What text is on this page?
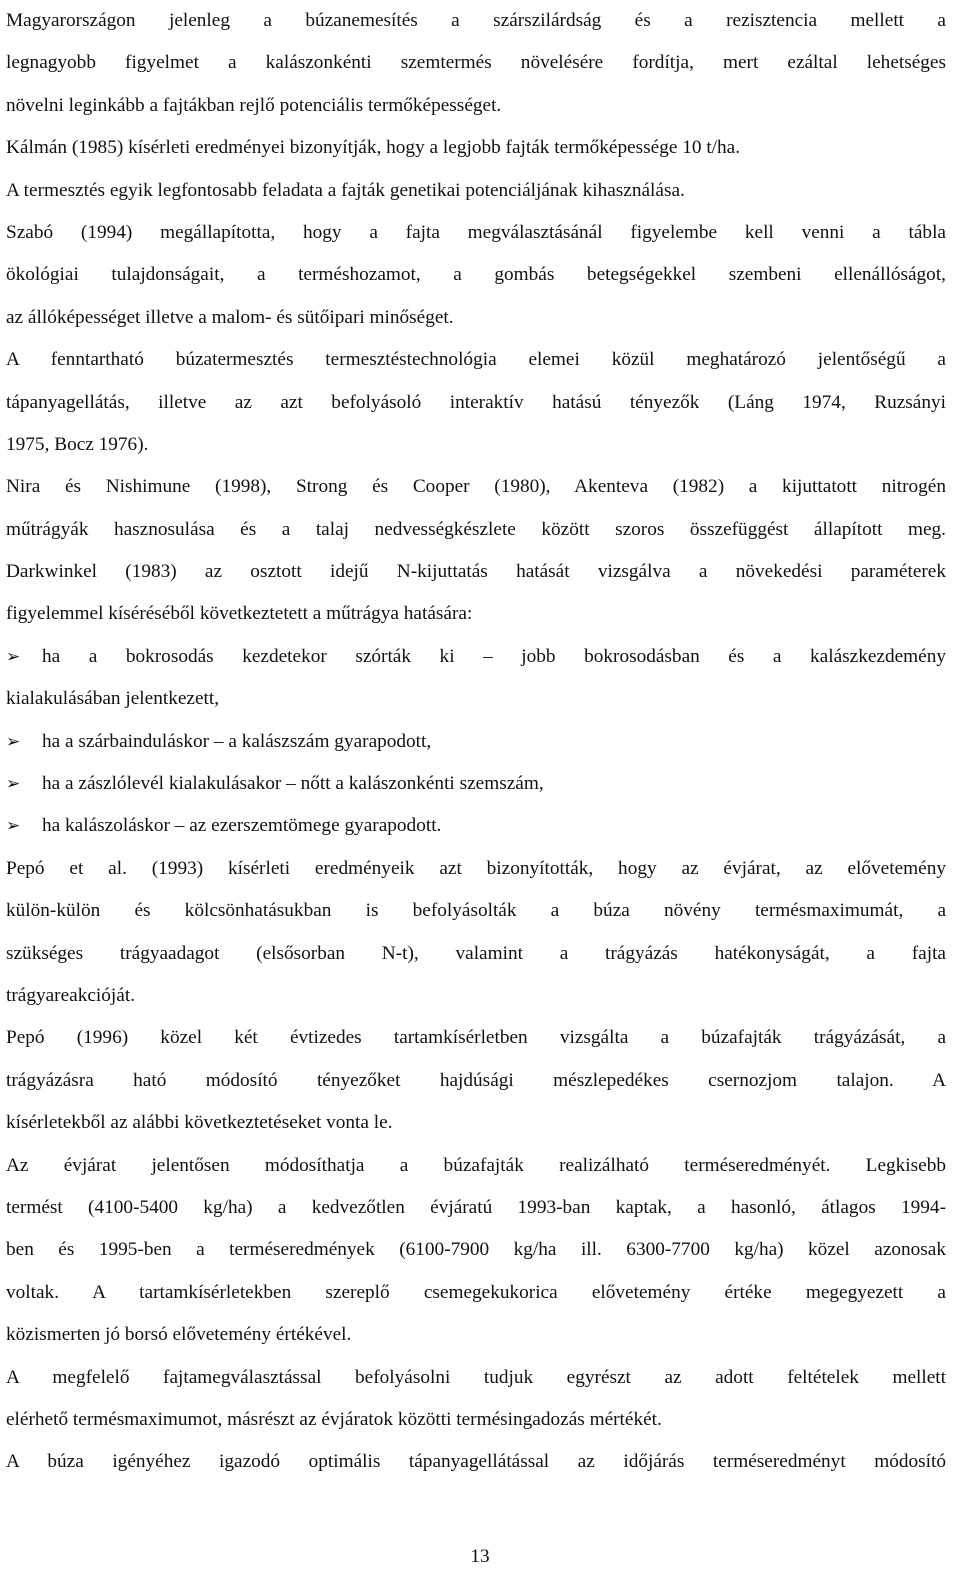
Magyarországon jelenleg a búzanemesítés a szárszilárdság és a rezisztencia mellett a
legnagyobb figyelmet a kalászonkénti szemtermés növelésére fordítja, mert ezáltal lehetséges
növelni leginkább a fajtákban rejlő potenciális termőképességet.
Kálmán (1985) kísérleti eredményei bizonyítják, hogy a legjobb fajták termőképessége 10 t/ha.
A termesztés egyik legfontosabb feladata a fajták genetikai potenciáljának kihasználása.
Szabó (1994) megállapította, hogy a fajta megválasztásánál figyelembe kell venni a tábla
ökológiai tulajdonságait, a terméshozamot, a gombás betegségekkel szembeni ellenállóságot,
az állóképességet illetve a malom- és sütőipari minőséget.
A fenntartható búzatermesztés termesztéstechnológia elemei közül meghatározó jelentőségű a
tápanyagellátás, illetve az azt befolyásoló interaktív hatású tényezők (Láng 1974, Ruzsányi
1975, Bocz 1976).
Nira és Nishimune (1998), Strong és Cooper (1980), Akenteva (1982) a kijuttatott nitrogén
műtrágyák hasznosulása és a talaj nedvességkészlete között szoros összefüggést állapított meg.
Darkwinkel (1983) az osztott idejű N-kijuttatás hatását vizsgálva a növekedési paraméterek
figyelemmel kíséréséből következtetett a műtrágya hatására:
➢	ha a bokrosodás kezdetekor szórták ki – jobb bokrosodásban és a kalászkezdemény
kialakulásában jelentkezett,
➢	ha a szárbainduláskor – a kalászszám gyarapodott,
➢	ha a zászlólevél kialakulásakor – nőtt a kalászonkénti szemszám,
➢	ha kalászoláskor – az ezerszemtömege gyarapodott.
Pepó et al. (1993) kísérleti eredményeik azt bizonyították, hogy az évjárat, az elővetemény
külön-külön és kölcsönhatásukban is befolyásolták a búza növény termésmaximumát, a
szükséges trágyaadagot (elsősorban N-t), valamint a trágyázás hatékonyságát, a fajta
trágyareakcióját.
Pepó (1996) közel két évtizedes tartamkísérletben vizsgálta a búzafajták trágyázását, a
trágyázásra ható módosító tényezőket hajdúsági mészlepedékes csernozjom talajon. A
kísérletekből az alábbi következtetéseket vonta le.
Az évjárat jelentősen módosíthatja a búzafajták realizálható terméseredményét. Legkisebb
termést (4100-5400 kg/ha) a kedvezőtlen évjáratú 1993-ban kaptak, a hasonló, átlagos 1994-
ben és 1995-ben a terméseredmények (6100-7900 kg/ha ill. 6300-7700 kg/ha) közel azonosak
voltak. A tartamkísérletekben szereplő csemegekukorica elővetemény értéke megegyezett a
közismerten jó borsó elővetemény értékével.
A megfelelő fajtamegválasztással befolyásolni tudjuk egyrészt az adott feltételek mellett
elérhető termésmaximumot, másrészt az évjáratok közötti termésingadozás mértékét.
A búza igényéhez igazodó optimális tápanyagellátással az időjárás terméseredményt módosító
13
